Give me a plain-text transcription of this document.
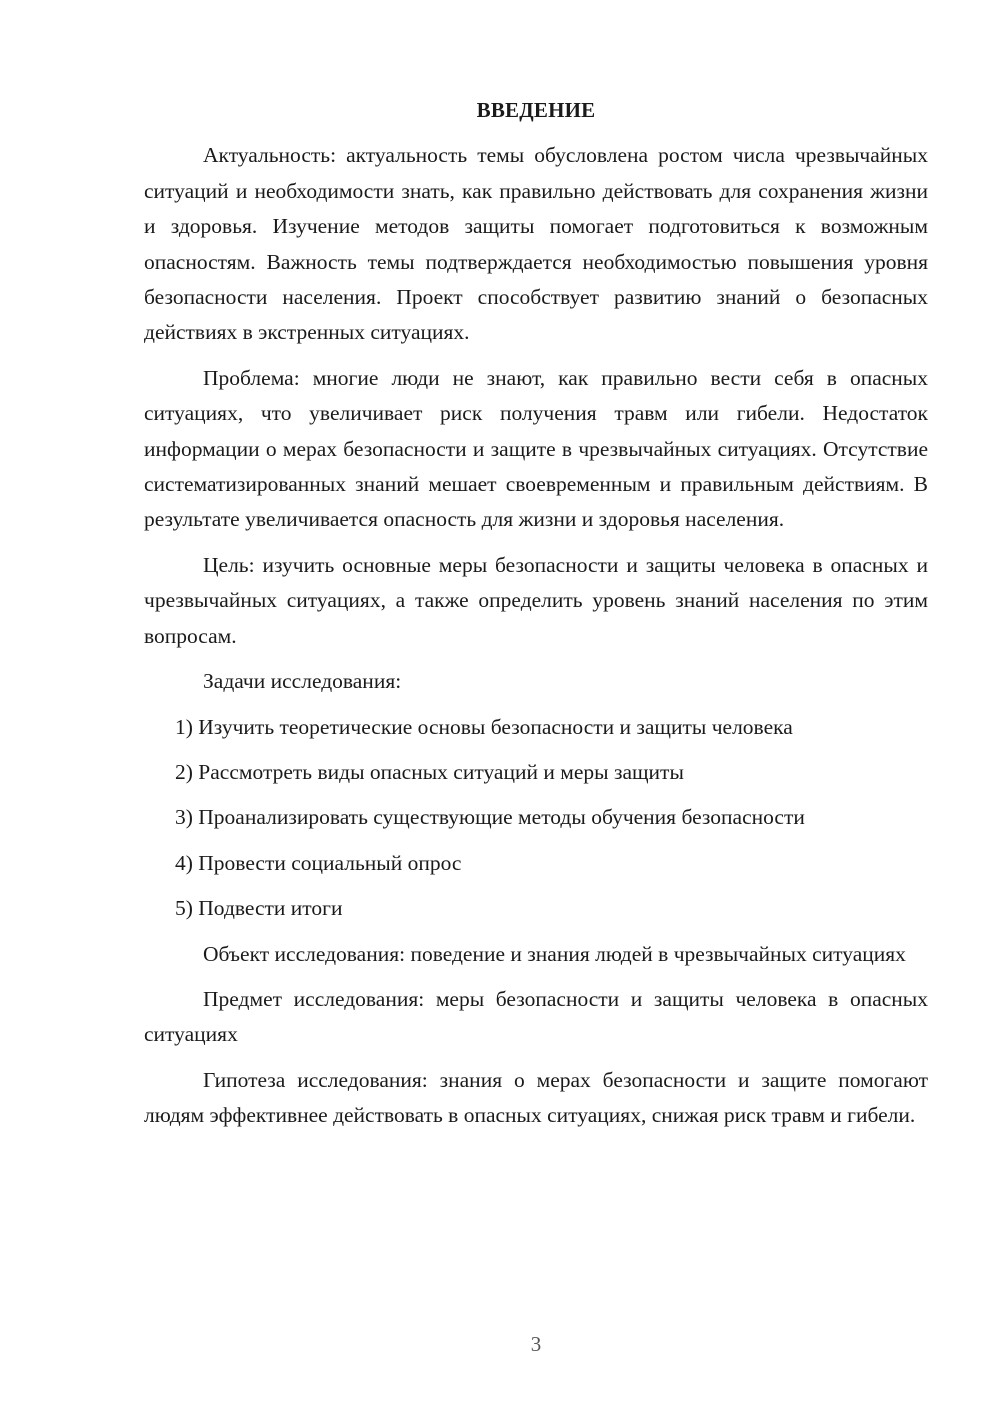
ВВЕДЕНИЕ

Актуальность: актуальность темы обусловлена ростом числа чрезвычайных ситуаций и необходимости знать, как правильно действовать для сохранения жизни и здоровья. Изучение методов защиты помогает подготовиться к возможным опасностям. Важность темы подтверждается необходимостью повышения уровня безопасности населения. Проект способствует развитию знаний о безопасных действиях в экстренных ситуациях.

Проблема: многие люди не знают, как правильно вести себя в опасных ситуациях, что увеличивает риск получения травм или гибели. Недостаток информации о мерах безопасности и защите в чрезвычайных ситуациях. Отсутствие систематизированных знаний мешает своевременным и правильным действиям. В результате увеличивается опасность для жизни и здоровья населения.

Цель: изучить основные меры безопасности и защиты человека в опасных и чрезвычайных ситуациях, а также определить уровень знаний населения по этим вопросам.

Задачи исследования:
1) Изучить теоретические основы безопасности и защиты человека
2) Рассмотреть виды опасных ситуаций и меры защиты
3) Проанализировать существующие методы обучения безопасности
4) Провести социальный опрос
5) Подвести итоги

Объект исследования: поведение и знания людей в чрезвычайных ситуациях

Предмет исследования: меры безопасности и защиты человека в опасных ситуациях

Гипотеза исследования: знания о мерах безопасности и защите помогают людям эффективнее действовать в опасных ситуациях, снижая риск травм и гибели.

3
